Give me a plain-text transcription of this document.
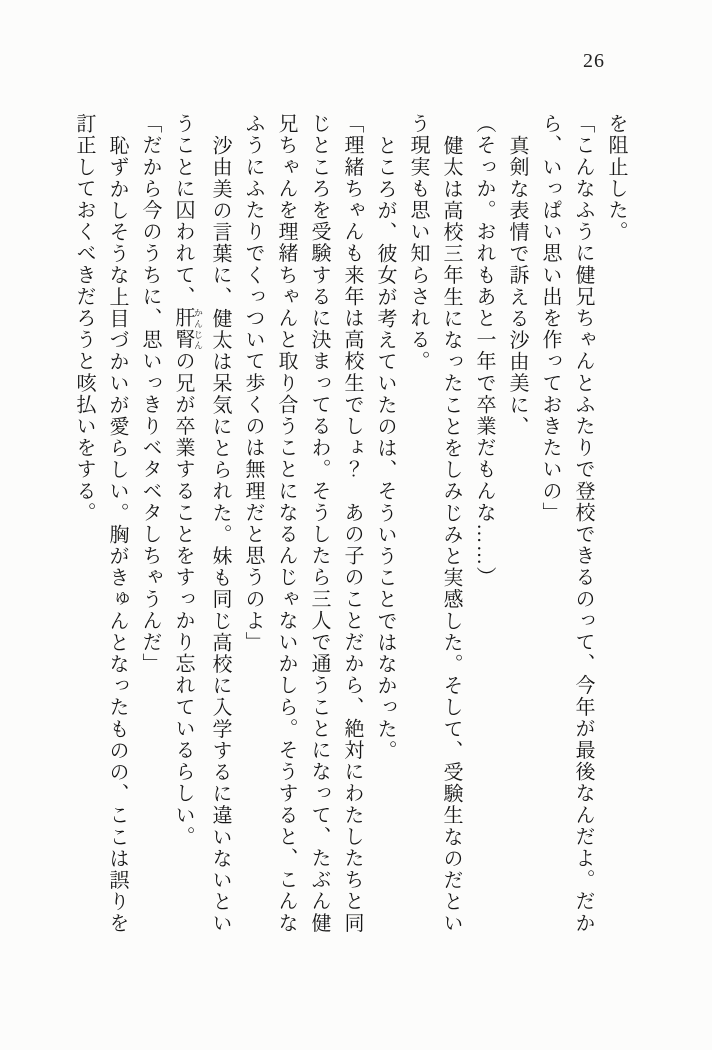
26

を阻止した。

「こんなふうに健兄ちゃんとふたりで登校できるのって、今年が最後なんだよ。だか

ら、いっぱい思い出を作っておきたいの」

真剣な表情で訴える沙由美に、

（そっか。おれもあと一年で卒業だもんな……）

健太は高校三年生になったことをしみじみと実感した。そして、受験生なのだとい

う現実も思い知らされる。

ところが、彼女が考えていたのは、そういうことではなかった。

「理緒ちゃんも来年は高校生でしょ？　あの子のことだから、絶対にわたしたちと同

じところを受験するに決まってるわ。そうしたら三人で通うことになって、たぶん健

兄ちゃんを理緒ちゃんと取り合うことになるんじゃないかしら。そうすると、こんな

ふうにふたりでくっついて歩くのは無理だと思うのよ」

沙由美の言葉に、健太は呆気にとられた。妹も同じ高校に入学するに違いないとい

うことに囚われて、肝腎 かんじんの兄が卒業することをすっかり忘れているらしい。

「だから今のうちに、思いっきりベタベタしちゃうんだ」

恥ずかしそうな上目づかいが愛らしい。胸がきゅんとなったものの、ここは誤りを

訂正しておくべきだろうと咳払いをする。
